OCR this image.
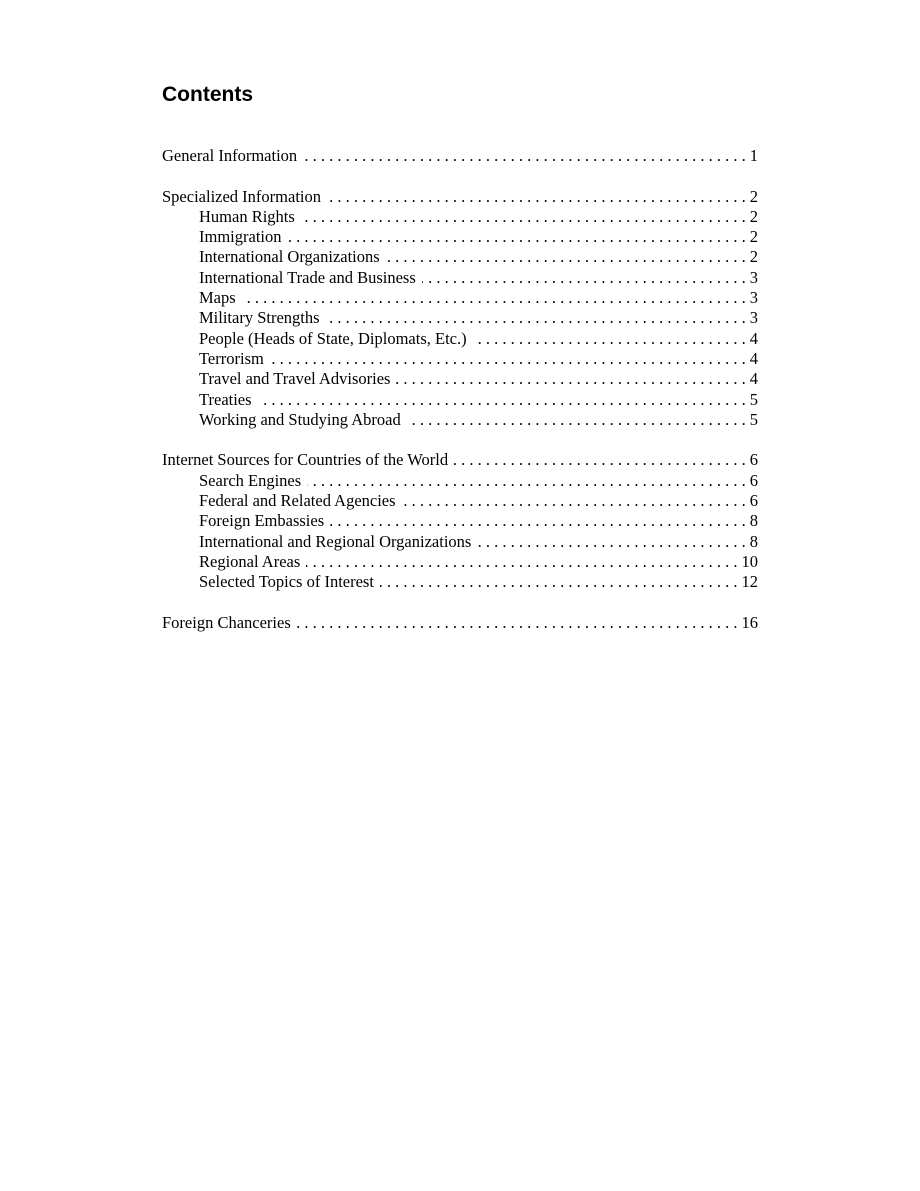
Contents
General Information . . .	1
Specialized Information . . .	2
Human Rights . . .	2
Immigration . . .	2
International Organizations . . .	2
International Trade and Business . . .	3
Maps . . .	3
Military Strengths . . .	3
People (Heads of State, Diplomats, Etc.) . . .	4
Terrorism . . .	4
Travel and Travel Advisories . . .	4
Treaties . . .	5
Working and Studying Abroad . . .	5
Internet Sources for Countries of the World . . .	6
Search Engines . . .	6
Federal and Related Agencies . . .	6
Foreign Embassies . . .	8
International and Regional Organizations . . .	8
Regional Areas . . .	10
Selected Topics of Interest . . .	12
Foreign Chanceries . . .	16
